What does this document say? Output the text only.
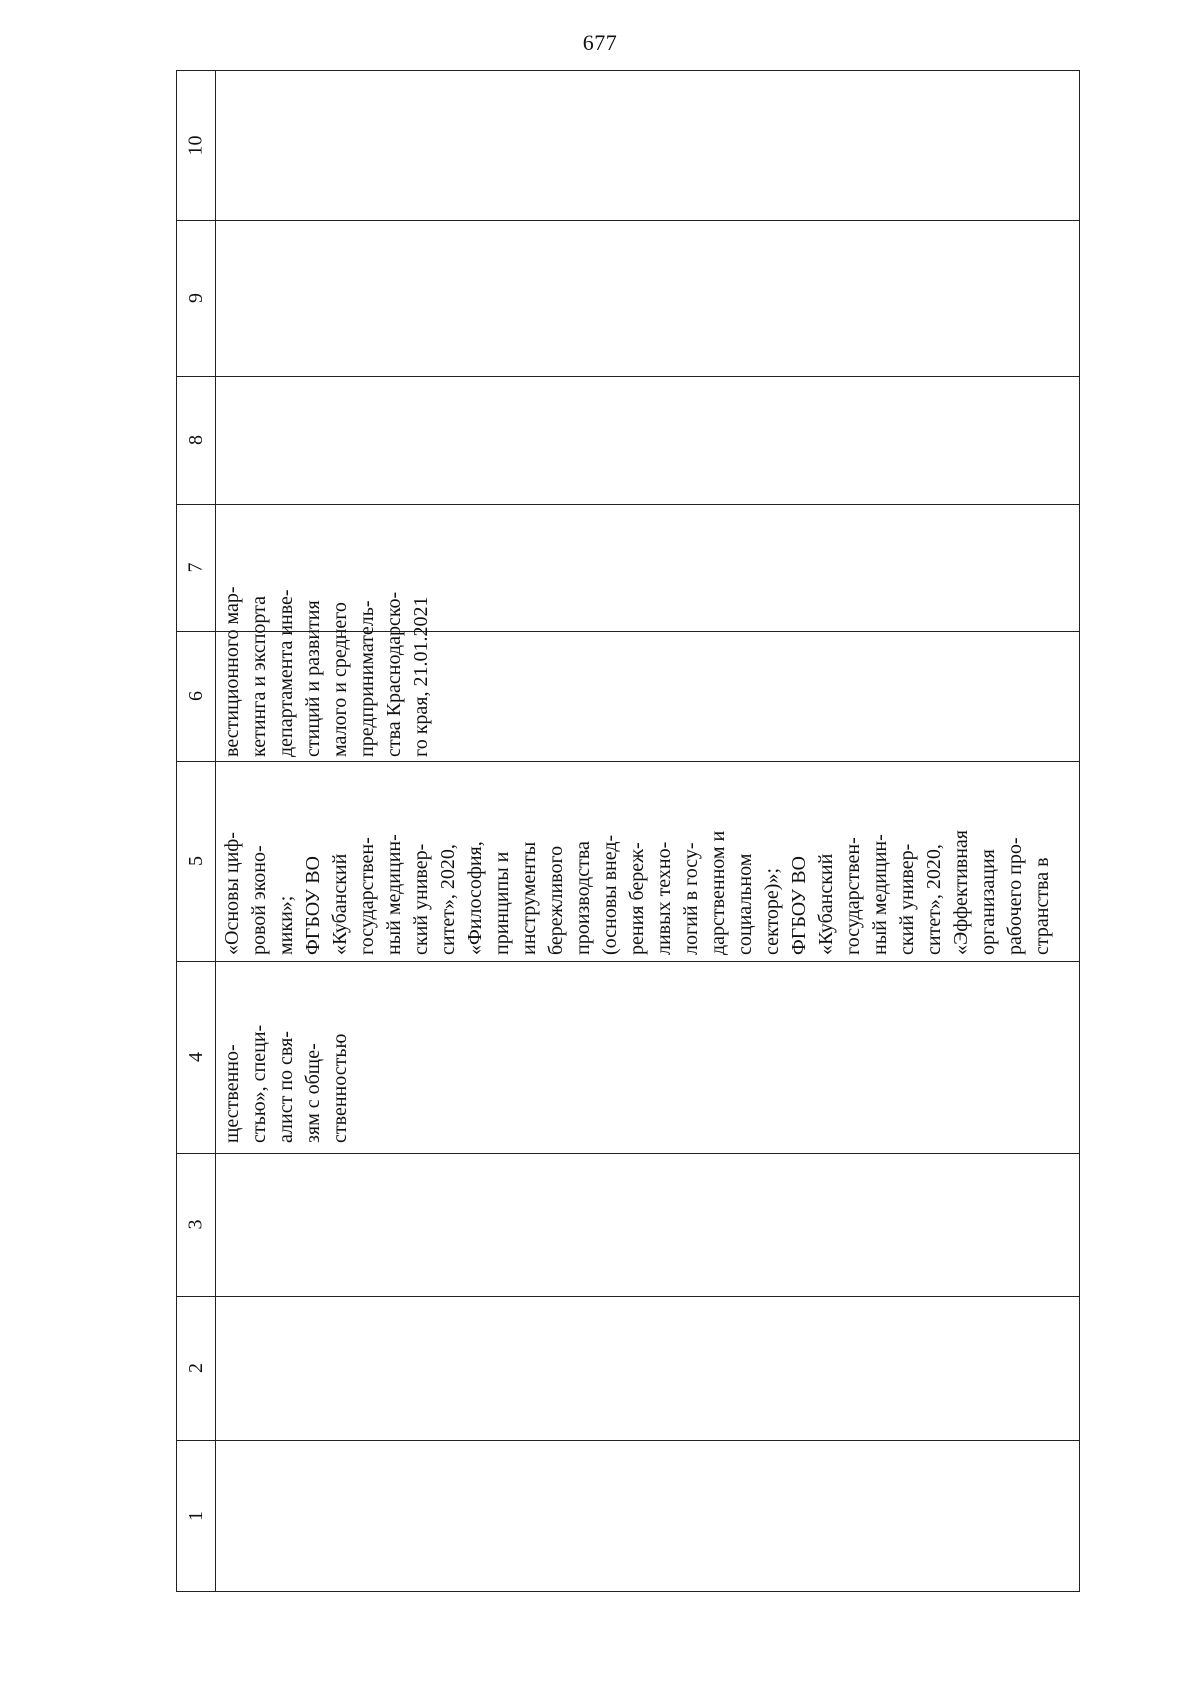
677
1
2
3
4
5
6
7
8
9
10
щественно-
стью», специ-
алист по свя-
зям с обще-
ственностью
«Основы циф-
ровой эконо-
мики»;
ФГБОУ ВО
«Кубанский
государствен-
ный медицин-
ский универ-
ситет», 2020,
«Философия,
принципы и
инструменты
бережливого
производства
(основы внед-
рения береж-
ливых техно-
логий в госу-
дарственном и
социальном
секторе)»;
ФГБОУ ВО
«Кубанский
государствен-
ный медицин-
ский универ-
ситет», 2020,
«Эффективная
организация
рабочего про-
странства в
вестиционного мар-
кетинга и экспорта
департамента инве-
стиций и развития
малого и среднего
предприниматель-
ства Краснодарско-
го края, 21.01.2021
